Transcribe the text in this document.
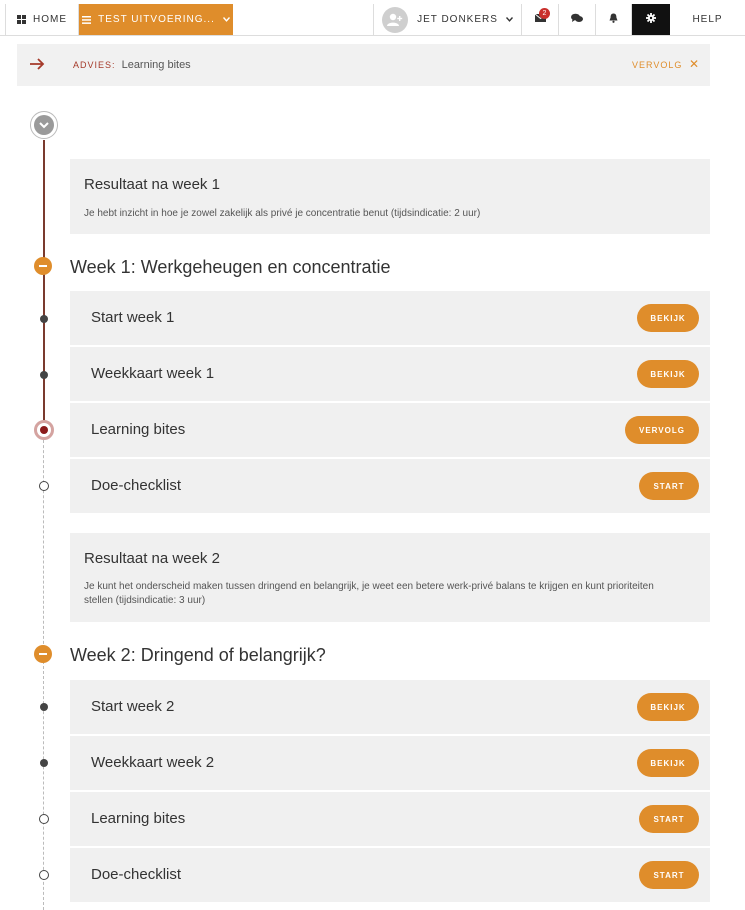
HOME	TEST UITVOERING...	JET DONKERS
2
HELP
ADVIES: Learning bites	VERVOLG ✕
Resultaat na week 1
Je hebt inzicht in hoe je zowel zakelijk als privé je concentratie benut (tijdsindicatie: 2 uur)
Week 1: Werkgeheugen en concentratie
Start week 1	BEKIJK
Weekkaart week 1	BEKIJK
Learning bites	VERVOLG
Doe-checklist	START
Resultaat na week 2
Je kunt het onderscheid maken tussen dringend en belangrijk, je weet een betere werk-privé balans te krijgen en kunt prioriteiten stellen (tijdsindicatie: 3 uur)
Week 2: Dringend of belangrijk?
Start week 2	BEKIJK
Weekkaart week 2	BEKIJK
Learning bites	START
Doe-checklist	START
